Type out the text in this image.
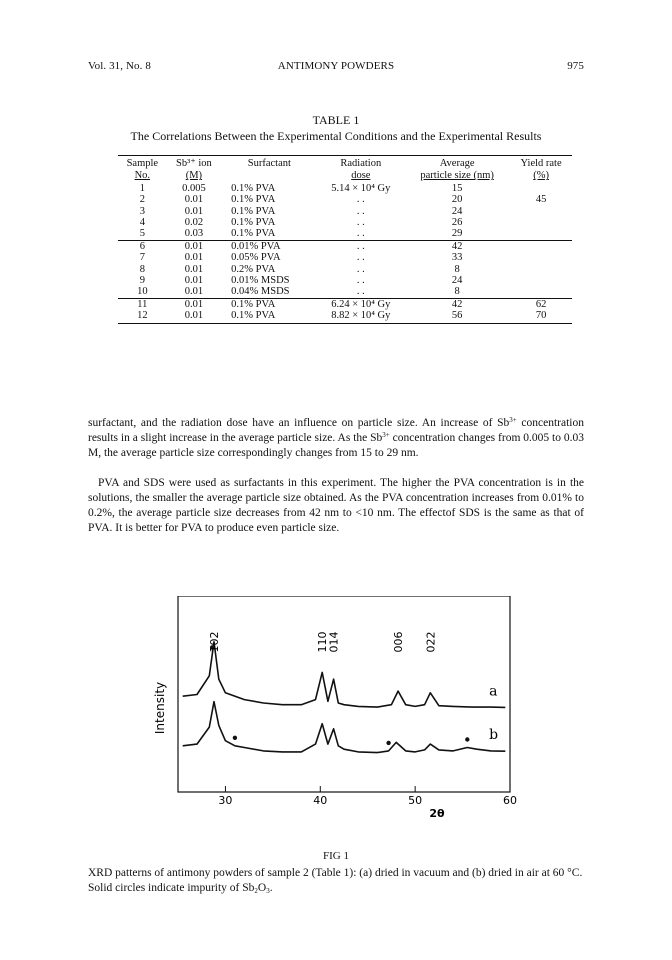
Vol. 31, No. 8	ANTIMONY POWDERS	975
TABLE 1
The Correlations Between the Experimental Conditions and the Experimental Results
Sample	Sb³⁺ ion	Surfactant	Radiation	Average	Yield rate
No.	(M)		dose	particle size (nm)	(%)
1	0.005	0.1% PVA	5.14 × 10⁴ Gy	15	
2	0.01	0.1% PVA	. .	20	45
3	0.01	0.1% PVA	. .	24	
4	0.02	0.1% PVA	. .	26	
5	0.03	0.1% PVA	. .	29	
6	0.01	0.01% PVA	. .	42	
7	0.01	0.05% PVA	. .	33	
8	0.01	0.2% PVA	. .	8	
9	0.01	0.01% MSDS	. .	24	
10	0.01	0.04% MSDS	. .	8	
11	0.01	0.1% PVA	6.24 × 10⁴ Gy	42	62
12	0.01	0.1% PVA	8.82 × 10⁴ Gy	56	70

surfactant, and the radiation dose have an influence on particle size. An increase of $Sb^{3+}$ concentration results in a slight increase in the average particle size. As the $Sb^{3+}$ concentration changes from 0.005 to 0.03 M, the average particle size correspondingly changes from 15 to 29 nm.

PVA and SDS were used as surfactants in this experiment. The higher the PVA concentration is in the solutions, the smaller the average particle size obtained. As the PVA concentration increases from 0.01% to 0.2%, the average particle size decreases from 42 nm to <10 nm. The effectof SDS is the same as that of PVA. It is better for PVA to produce even particle size.

30	40	50	60
2θ
Intensity	a
b
102	110
014	006 022
FIG 1
XRD patterns of antimony powders of sample 2 (Table 1): (a) dried in vacuum and (b) dried in air at 60 °C. Solid circles indicate impurity of $Sb_2O_3$.
